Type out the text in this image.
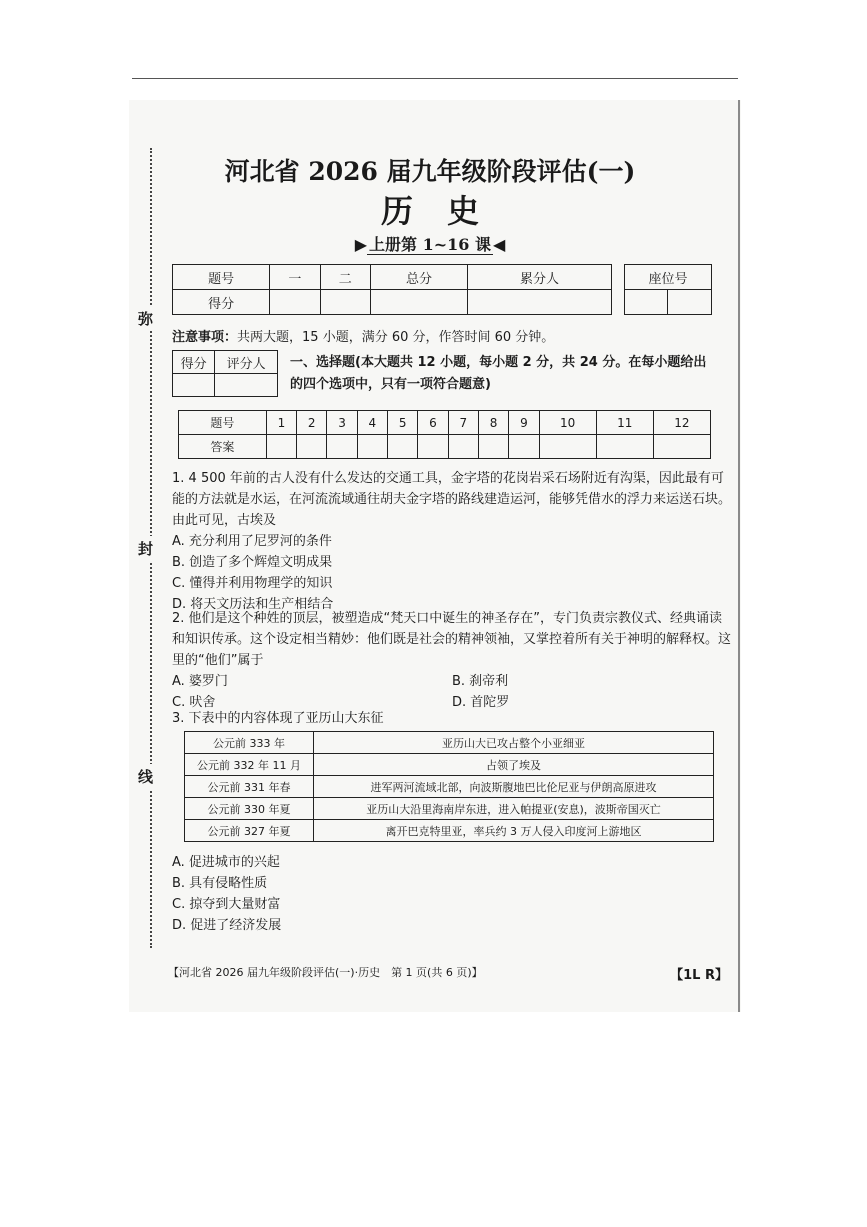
弥
封
线
河北省 2026 届九年级阶段评估(一)
历史
▶ 上册第 1~16 课 ◀
题号	一	二	总分	累分人
得分				
座位号

注意事项：共两大题，15 小题，满分 60 分，作答时间 60 分钟。
得分	评分人
	一、选择题(本大题共 12 小题，每小题 2 分，共 24 分。在每小题给出的四个选项中，只有一项符合题意)
题号	1	2	3	4	5	6	7	8	9	10	11	12
答案												

1. 4 500 年前的古人没有什么发达的交通工具，金字塔的花岗岩采石场附近有沟渠，因此最有可能的方法就是水运，在河流流域通往胡夫金字塔的路线建造运河，能够凭借水的浮力来运送石块。由此可见，古埃及

A. 充分利用了尼罗河的条件

B. 创造了多个辉煌文明成果

C. 懂得并利用物理学的知识

D. 将天文历法和生产相结合

2. 他们是这个种姓的顶层，被塑造成“梵天口中诞生的神圣存在”，专门负责宗教仪式、经典诵读和知识传承。这个设定相当精妙：他们既是社会的精神领袖，又掌控着所有关于神明的解释权。这里的“他们”属于

A. 婆罗门	B. 刹帝利
C. 吠舍	D. 首陀罗
3. 下表中的内容体现了亚历山大东征
公元前 333 年	亚历山大已攻占整个小亚细亚
公元前 332 年 11 月	占领了埃及
公元前 331 年春	进军两河流域北部，向波斯腹地巴比伦尼亚与伊朗高原进攻
公元前 330 年夏	亚历山大沿里海南岸东进，进入帕提亚(安息)，波斯帝国灭亡
公元前 327 年夏	离开巴克特里亚，率兵约 3 万人侵入印度河上游地区

A. 促进城市的兴起

B. 具有侵略性质

C. 掠夺到大量财富

D. 促进了经济发展

【河北省 2026 届九年级阶段评估(一)·历史　第 1 页(共 6 页)】	【1L R】
